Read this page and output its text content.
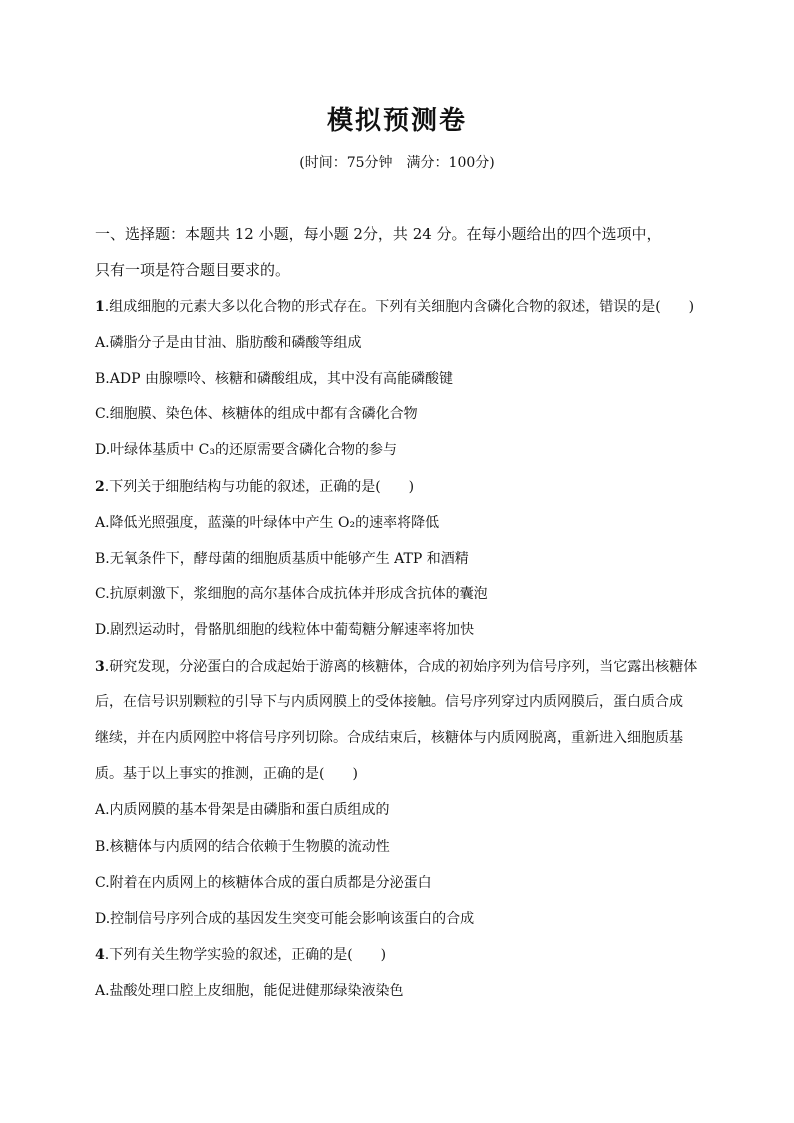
模拟预测卷
(时间：75分钟　满分：100分)
一、选择题：本题共 12 小题，每小题 2分，共 24 分。在每小题给出的四个选项中，
只有一项是符合题目要求的。
1.组成细胞的元素大多以化合物的形式存在。下列有关细胞内含磷化合物的叙述，错误的是(　　)
A.磷脂分子是由甘油、脂肪酸和磷酸等组成
B.ADP 由腺嘌呤、核糖和磷酸组成，其中没有高能磷酸键
C.细胞膜、染色体、核糖体的组成中都有含磷化合物
D.叶绿体基质中 C₃的还原需要含磷化合物的参与
2.下列关于细胞结构与功能的叙述，正确的是(　　)
A.降低光照强度，蓝藻的叶绿体中产生 O₂的速率将降低
B.无氧条件下，酵母菌的细胞质基质中能够产生 ATP 和酒精
C.抗原刺激下，浆细胞的高尔基体合成抗体并形成含抗体的囊泡
D.剧烈运动时，骨骼肌细胞的线粒体中葡萄糖分解速率将加快
3.研究发现，分泌蛋白的合成起始于游离的核糖体，合成的初始序列为信号序列，当它露出核糖体
后，在信号识别颗粒的引导下与内质网膜上的受体接触。信号序列穿过内质网膜后，蛋白质合成
继续，并在内质网腔中将信号序列切除。合成结束后，核糖体与内质网脱离，重新进入细胞质基
质。基于以上事实的推测，正确的是(　　)
A.内质网膜的基本骨架是由磷脂和蛋白质组成的
B.核糖体与内质网的结合依赖于生物膜的流动性
C.附着在内质网上的核糖体合成的蛋白质都是分泌蛋白
D.控制信号序列合成的基因发生突变可能会影响该蛋白的合成
4.下列有关生物学实验的叙述，正确的是(　　)
A.盐酸处理口腔上皮细胞，能促进健那绿染液染色
